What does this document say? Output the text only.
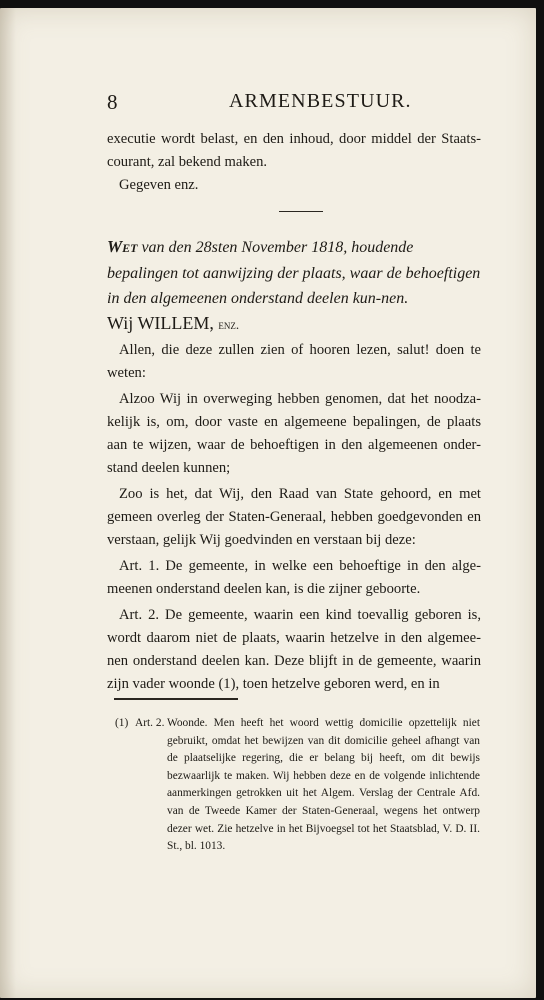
8	ARMENBESTUUR.

executie wordt belast, en den inhoud, door middel der Staats-courant, zal bekend maken.

Gegeven enz.

Wet van den 28sten November 1818, houdende bepalingen tot aanwijzing der plaats, waar de behoeftigen in den algemeenen onderstand deelen kun-nen.

Wij WILLEM, enz.

Allen, die deze zullen zien of hooren lezen, salut! doen te weten:

Alzoo Wij in overweging hebben genomen, dat het noodza-kelijk is, om, door vaste en algemeene bepalingen, de plaats aan te wijzen, waar de behoeftigen in den algemeenen onder-stand deelen kunnen;

Zoo is het, dat Wij, den Raad van State gehoord, en met gemeen overleg der Staten-Generaal, hebben goedgevonden en verstaan, gelijk Wij goedvinden en verstaan bij deze:

Art. 1. De gemeente, in welke een behoeftige in den alge-meenen onderstand deelen kan, is die zijner geboorte.

Art. 2. De gemeente, waarin een kind toevallig geboren is, wordt daarom niet de plaats, waarin hetzelve in den algemee-nen onderstand deelen kan. Deze blijft in de gemeente, waarin zijn vader woonde (1), toen hetzelve geboren werd, en in

(1) Art. 2. Woonde. Men heeft het woord wettig domicilie opzettelijk niet gebruikt, omdat het bewijzen van dit domicilie geheel afhangt van de plaatselijke regering, die er belang bij heeft, om dit bewijs bezwaarlijk te maken. Wij hebben deze en de volgende inlichtende aanmerkingen getrokken uit het Algem. Verslag der Centrale Afd. van de Tweede Kamer der Staten-Generaal, wegens het ontwerp dezer wet. Zie hetzelve in het Bijvoegsel tot het Staatsblad, V. D. II. St., bl. 1013.
